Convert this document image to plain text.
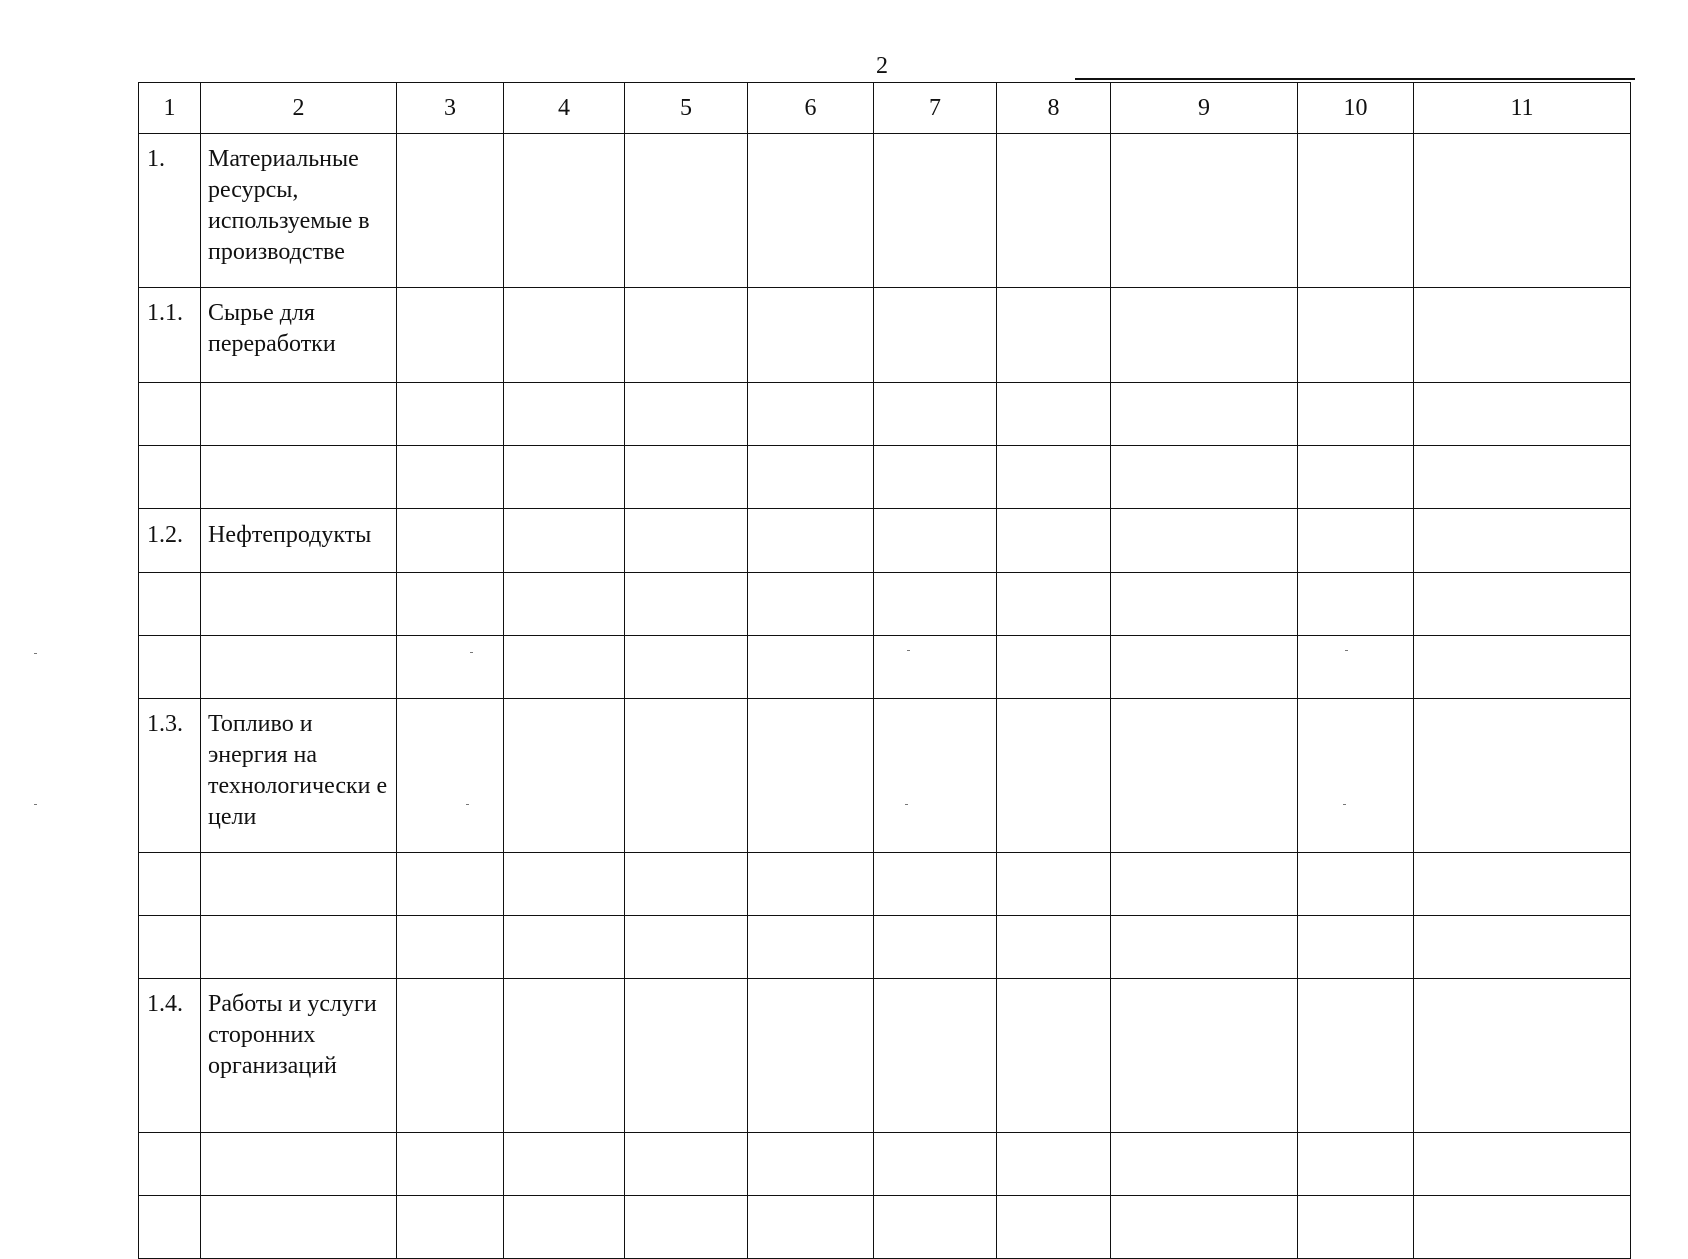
2
1	2	3	4	5	6	7	8	9	10	11
1.	Материальные ресурсы, используемые в производстве									
1.1.	Сырье для переработки									

1.2.	Нефтепродукты									

1.3.	Топливо и энергия на технологически е цели									

1.4.	Работы и услуги сторонних организаций									
